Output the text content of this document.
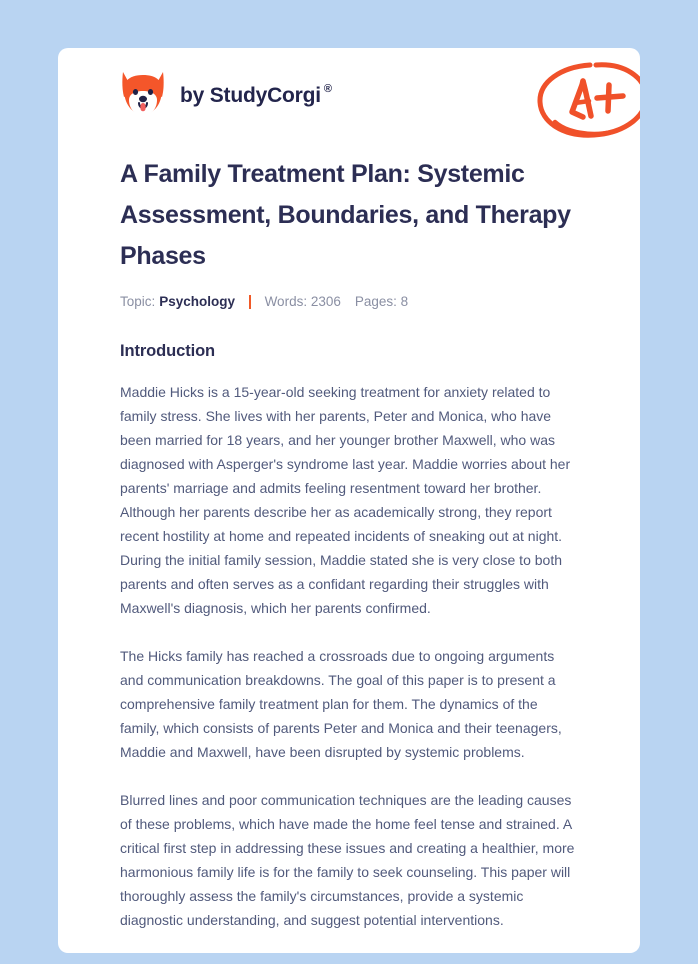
by StudyCorgi ®
A Family Treatment Plan: Systemic Assessment, Boundaries, and Therapy Phases
Topic: Psychology Words: 2306 Pages: 8
Introduction

Maddie Hicks is a 15-year-old seeking treatment for anxiety related to family stress. She lives with her parents, Peter and Monica, who have been married for 18 years, and her younger brother Maxwell, who was diagnosed with Asperger's syndrome last year. Maddie worries about her parents' marriage and admits feeling resentment toward her brother. Although her parents describe her as academically strong, they report recent hostility at home and repeated incidents of sneaking out at night. During the initial family session, Maddie stated she is very close to both parents and often serves as a confidant regarding their struggles with Maxwell's diagnosis, which her parents confirmed.

The Hicks family has reached a crossroads due to ongoing arguments and communication breakdowns. The goal of this paper is to present a comprehensive family treatment plan for them. The dynamics of the family, which consists of parents Peter and Monica and their teenagers, Maddie and Maxwell, have been disrupted by systemic problems.

Blurred lines and poor communication techniques are the leading causes of these problems, which have made the home feel tense and strained. A critical first step in addressing these issues and creating a healthier, more harmonious family life is for the family to seek counseling. This paper will thoroughly assess the family's circumstances, provide a systemic diagnostic understanding, and suggest potential interventions.
